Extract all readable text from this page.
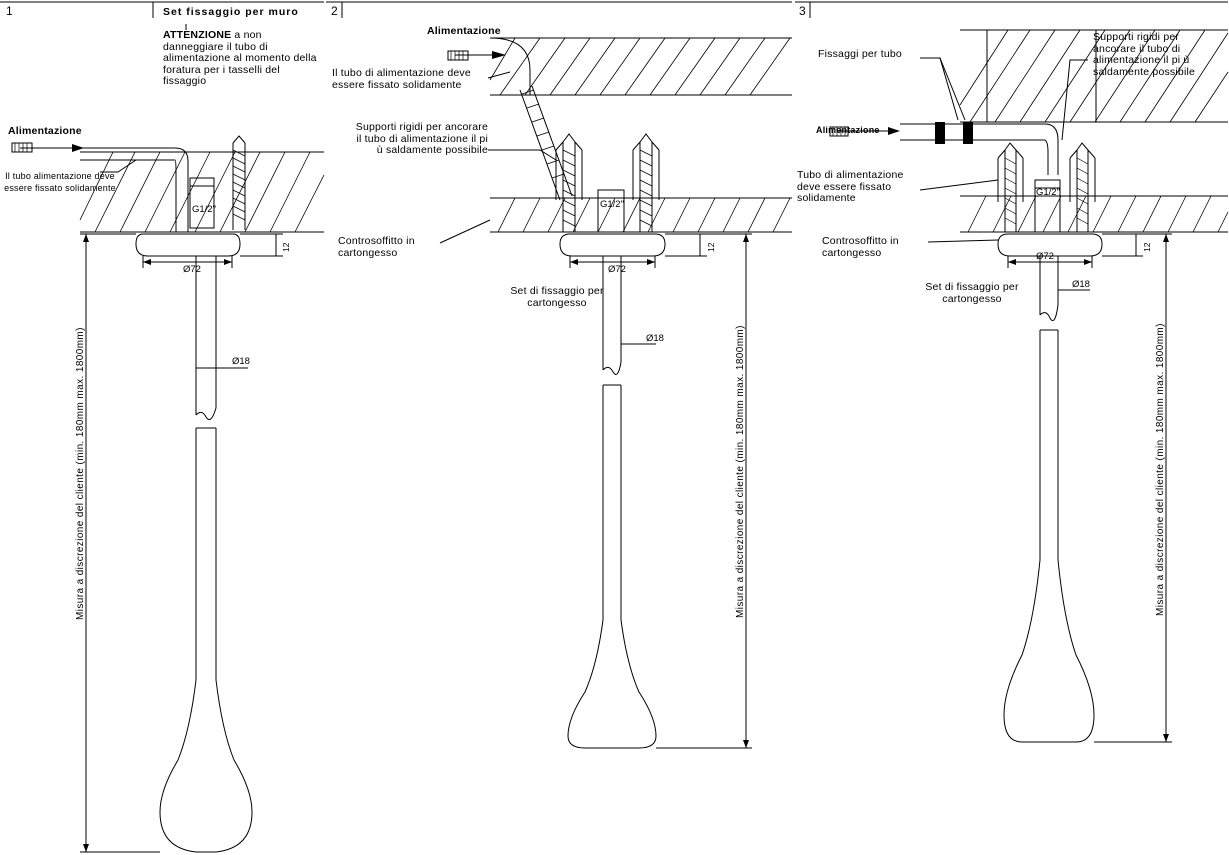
1	Set fissaggio per muro
ATTENZIONE a non danneggiare il tubo di alimentazione al momento della foratura per i tasselli del fissaggio
Alimentazione
Il tubo alimentazione deve essere fissato solidamente
G1/2"
Ø72
Ø18
12
Misura a discrezione del cliente (min. 180mm max. 1800mm)
2
Alimentazione
Il tubo di alimentazione deve essere fissato solidamente
Supporti rigidi per ancorare il tubo di alimentazione il pi ù saldamente possibile
Controsoffitto in cartongesso
Set di fissaggio per cartongesso
G1/2"
Ø72
Ø18
12
Misura a discrezione del cliente (min. 180mm max. 1800mm)
3
Fissaggi per tubo
Supporti rigidi per ancorare il tubo di alimentazione il pi ù saldamente possibile
Alimentazione
Tubo di alimentazione deve essere fissato solidamente
Controsoffitto in cartongesso
Set di fissaggio per cartongesso
G1/2"
Ø72
Ø18
12
Misura a discrezione del cliente (min. 180mm max. 1800mm)
